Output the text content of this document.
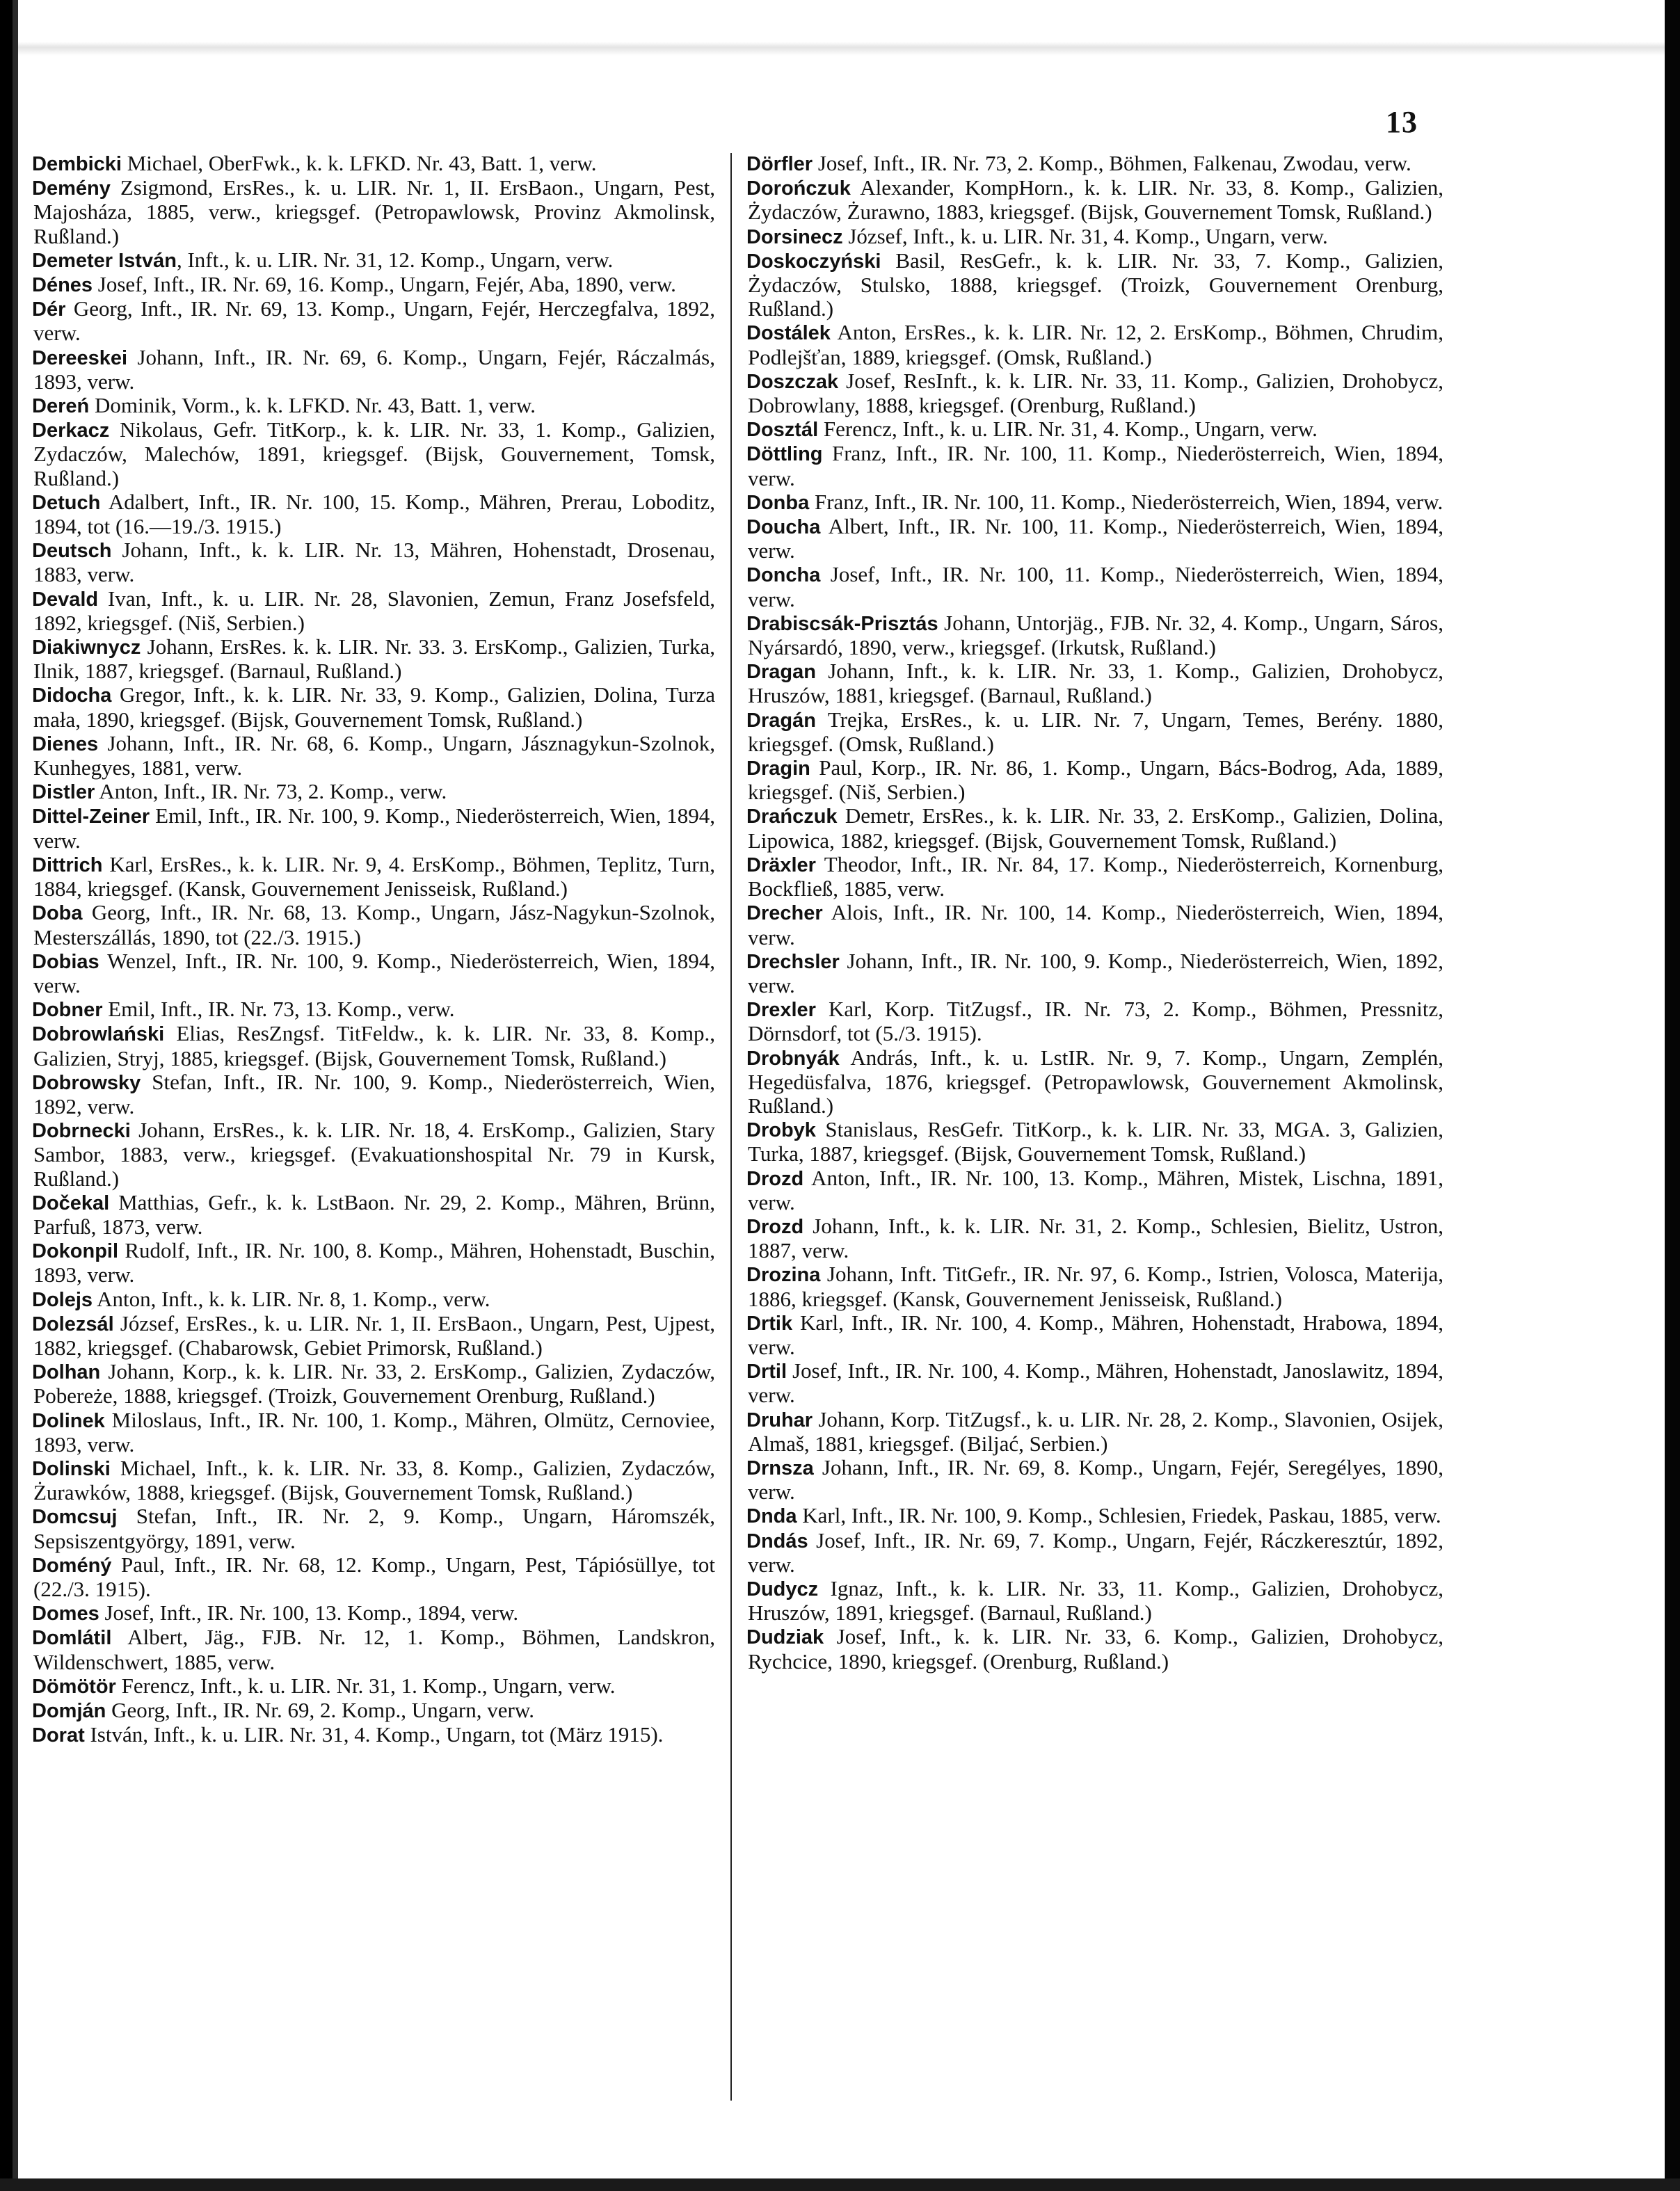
13

Dembicki Michael, OberFwk., k. k. LFKD. Nr. 43, Batt. 1, verw.

Demény Zsigmond, ErsRes., k. u. LIR. Nr. 1, II. ErsBaon., Ungarn, Pest, Majosháza, 1885, verw., kriegsgef. (Petropawlowsk, Provinz Akmolinsk, Rußland.)

Demeter István, Inft., k. u. LIR. Nr. 31, 12. Komp., Ungarn, verw.

Dénes Josef, Inft., IR. Nr. 69, 16. Komp., Ungarn, Fejér, Aba, 1890, verw.

Dér Georg, Inft., IR. Nr. 69, 13. Komp., Ungarn, Fejér, Herczegfalva, 1892, verw.

Dereeskei Johann, Inft., IR. Nr. 69, 6. Komp., Ungarn, Fejér, Ráczalmás, 1893, verw.

Dereń Dominik, Vorm., k. k. LFKD. Nr. 43, Batt. 1, verw.

Derkacz Nikolaus, Gefr. TitKorp., k. k. LIR. Nr. 33, 1. Komp., Galizien, Zydaczów, Malechów, 1891, kriegsgef. (Bijsk, Gouvernement, Tomsk, Rußland.)

Detuch Adalbert, Inft., IR. Nr. 100, 15. Komp., Mähren, Prerau, Loboditz, 1894, tot (16.—19./3. 1915.)

Deutsch Johann, Inft., k. k. LIR. Nr. 13, Mähren, Hohenstadt, Drosenau, 1883, verw.

Devald Ivan, Inft., k. u. LIR. Nr. 28, Slavonien, Zemun, Franz Josefsfeld, 1892, kriegsgef. (Niš, Serbien.)

Diakiwnycz Johann, ErsRes. k. k. LIR. Nr. 33. 3. ErsKomp., Galizien, Turka, Ilnik, 1887, kriegsgef. (Barnaul, Rußland.)

Didocha Gregor, Inft., k. k. LIR. Nr. 33, 9. Komp., Galizien, Dolina, Turza mała, 1890, kriegsgef. (Bijsk, Gouvernement Tomsk, Rußland.)

Dienes Johann, Inft., IR. Nr. 68, 6. Komp., Ungarn, Jásznagykun-Szolnok, Kunhegyes, 1881, verw.

Distler Anton, Inft., IR. Nr. 73, 2. Komp., verw.

Dittel-Zeiner Emil, Inft., IR. Nr. 100, 9. Komp., Niederösterreich, Wien, 1894, verw.

Dittrich Karl, ErsRes., k. k. LIR. Nr. 9, 4. ErsKomp., Böhmen, Teplitz, Turn, 1884, kriegsgef. (Kansk, Gouvernement Jenisseisk, Rußland.)

Doba Georg, Inft., IR. Nr. 68, 13. Komp., Ungarn, Jász-Nagykun-Szolnok, Mesterszállás, 1890, tot (22./3. 1915.)

Dobias Wenzel, Inft., IR. Nr. 100, 9. Komp., Niederösterreich, Wien, 1894, verw.

Dobner Emil, Inft., IR. Nr. 73, 13. Komp., verw.

Dobrowlański Elias, ResZngsf. TitFeldw., k. k. LIR. Nr. 33, 8. Komp., Galizien, Stryj, 1885, kriegsgef. (Bijsk, Gouvernement Tomsk, Rußland.)

Dobrowsky Stefan, Inft., IR. Nr. 100, 9. Komp., Niederösterreich, Wien, 1892, verw.

Dobrnecki Johann, ErsRes., k. k. LIR. Nr. 18, 4. ErsKomp., Galizien, Stary Sambor, 1883, verw., kriegsgef. (Evakuationshospital Nr. 79 in Kursk, Rußland.)

Dočekal Matthias, Gefr., k. k. LstBaon. Nr. 29, 2. Komp., Mähren, Brünn, Parfuß, 1873, verw.

Dokonpil Rudolf, Inft., IR. Nr. 100, 8. Komp., Mähren, Hohenstadt, Buschin, 1893, verw.

Dolejs Anton, Inft., k. k. LIR. Nr. 8, 1. Komp., verw.

Dolezsál József, ErsRes., k. u. LIR. Nr. 1, II. ErsBaon., Ungarn, Pest, Ujpest, 1882, kriegsgef. (Chabarowsk, Gebiet Primorsk, Rußland.)

Dolhan Johann, Korp., k. k. LIR. Nr. 33, 2. ErsKomp., Galizien, Zydaczów, Pobereże, 1888, kriegsgef. (Troizk, Gouvernement Orenburg, Rußland.)

Dolinek Miloslaus, Inft., IR. Nr. 100, 1. Komp., Mähren, Olmütz, Cernoviee, 1893, verw.

Dolinski Michael, Inft., k. k. LIR. Nr. 33, 8. Komp., Galizien, Zydaczów, Żurawków, 1888, kriegsgef. (Bijsk, Gouvernement Tomsk, Rußland.)

Domcsuj Stefan, Inft., IR. Nr. 2, 9. Komp., Ungarn, Háromszék, Sepsiszentgyörgy, 1891, verw.

Doméný Paul, Inft., IR. Nr. 68, 12. Komp., Ungarn, Pest, Tápiósüllye, tot (22./3. 1915).

Domes Josef, Inft., IR. Nr. 100, 13. Komp., 1894, verw.

Domlátil Albert, Jäg., FJB. Nr. 12, 1. Komp., Böhmen, Landskron, Wildenschwert, 1885, verw.

Dömötör Ferencz, Inft., k. u. LIR. Nr. 31, 1. Komp., Ungarn, verw.

Domján Georg, Inft., IR. Nr. 69, 2. Komp., Ungarn, verw.

Dorat István, Inft., k. u. LIR. Nr. 31, 4. Komp., Ungarn, tot (März 1915).

Dörfler Josef, Inft., IR. Nr. 73, 2. Komp., Böhmen, Falkenau, Zwodau, verw.

Dorończuk Alexander, KompHorn., k. k. LIR. Nr. 33, 8. Komp., Galizien, Żydaczów, Żurawno, 1883, kriegsgef. (Bijsk, Gouvernement Tomsk, Rußland.)

Dorsinecz József, Inft., k. u. LIR. Nr. 31, 4. Komp., Ungarn, verw.

Doskoczyński Basil, ResGefr., k. k. LIR. Nr. 33, 7. Komp., Galizien, Żydaczów, Stulsko, 1888, kriegsgef. (Troizk, Gouvernement Orenburg, Rußland.)

Dostálek Anton, ErsRes., k. k. LIR. Nr. 12, 2. ErsKomp., Böhmen, Chrudim, Podlejšťan, 1889, kriegsgef. (Omsk, Rußland.)

Doszczak Josef, ResInft., k. k. LIR. Nr. 33, 11. Komp., Galizien, Drohobycz, Dobrowlany, 1888, kriegsgef. (Orenburg, Rußland.)

Dosztál Ferencz, Inft., k. u. LIR. Nr. 31, 4. Komp., Ungarn, verw.

Döttling Franz, Inft., IR. Nr. 100, 11. Komp., Niederösterreich, Wien, 1894, verw.

Donba Franz, Inft., IR. Nr. 100, 11. Komp., Niederösterreich, Wien, 1894, verw.

Doucha Albert, Inft., IR. Nr. 100, 11. Komp., Niederösterreich, Wien, 1894, verw.

Doncha Josef, Inft., IR. Nr. 100, 11. Komp., Niederösterreich, Wien, 1894, verw.

Drabiscsák-Prisztás Johann, Untorjäg., FJB. Nr. 32, 4. Komp., Ungarn, Sáros, Nyársardó, 1890, verw., kriegsgef. (Irkutsk, Rußland.)

Dragan Johann, Inft., k. k. LIR. Nr. 33, 1. Komp., Galizien, Drohobycz, Hruszów, 1881, kriegsgef. (Barnaul, Rußland.)

Dragán Trejka, ErsRes., k. u. LIR. Nr. 7, Ungarn, Temes, Berény. 1880, kriegsgef. (Omsk, Rußland.)

Dragin Paul, Korp., IR. Nr. 86, 1. Komp., Ungarn, Bács-Bodrog, Ada, 1889, kriegsgef. (Niš, Serbien.)

Drańczuk Demetr, ErsRes., k. k. LIR. Nr. 33, 2. ErsKomp., Galizien, Dolina, Lipowica, 1882, kriegsgef. (Bijsk, Gouvernement Tomsk, Rußland.)

Dräxler Theodor, Inft., IR. Nr. 84, 17. Komp., Niederösterreich, Kornenburg, Bockfließ, 1885, verw.

Drecher Alois, Inft., IR. Nr. 100, 14. Komp., Niederösterreich, Wien, 1894, verw.

Drechsler Johann, Inft., IR. Nr. 100, 9. Komp., Niederösterreich, Wien, 1892, verw.

Drexler Karl, Korp. TitZugsf., IR. Nr. 73, 2. Komp., Böhmen, Pressnitz, Dörnsdorf, tot (5./3. 1915).

Drobnyák András, Inft., k. u. LstIR. Nr. 9, 7. Komp., Ungarn, Zemplén, Hegedüsfalva, 1876, kriegsgef. (Petropawlowsk, Gouvernement Akmolinsk, Rußland.)

Drobyk Stanislaus, ResGefr. TitKorp., k. k. LIR. Nr. 33, MGA. 3, Galizien, Turka, 1887, kriegsgef. (Bijsk, Gouvernement Tomsk, Rußland.)

Drozd Anton, Inft., IR. Nr. 100, 13. Komp., Mähren, Mistek, Lischna, 1891, verw.

Drozd Johann, Inft., k. k. LIR. Nr. 31, 2. Komp., Schlesien, Bielitz, Ustron, 1887, verw.

Drozina Johann, Inft. TitGefr., IR. Nr. 97, 6. Komp., Istrien, Volosca, Materija, 1886, kriegsgef. (Kansk, Gouvernement Jenisseisk, Rußland.)

Drtik Karl, Inft., IR. Nr. 100, 4. Komp., Mähren, Hohenstadt, Hrabowa, 1894, verw.

Drtil Josef, Inft., IR. Nr. 100, 4. Komp., Mähren, Hohenstadt, Janoslawitz, 1894, verw.

Druhar Johann, Korp. TitZugsf., k. u. LIR. Nr. 28, 2. Komp., Slavonien, Osijek, Almaš, 1881, kriegsgef. (Biljać, Serbien.)

Drnsza Johann, Inft., IR. Nr. 69, 8. Komp., Ungarn, Fejér, Seregélyes, 1890, verw.

Dnda Karl, Inft., IR. Nr. 100, 9. Komp., Schlesien, Friedek, Paskau, 1885, verw.

Dndás Josef, Inft., IR. Nr. 69, 7. Komp., Ungarn, Fejér, Ráczkeresztúr, 1892, verw.

Dudycz Ignaz, Inft., k. k. LIR. Nr. 33, 11. Komp., Galizien, Drohobycz, Hruszów, 1891, kriegsgef. (Barnaul, Rußland.)

Dudziak Josef, Inft., k. k. LIR. Nr. 33, 6. Komp., Galizien, Drohobycz, Rychcice, 1890, kriegsgef. (Orenburg, Rußland.)
